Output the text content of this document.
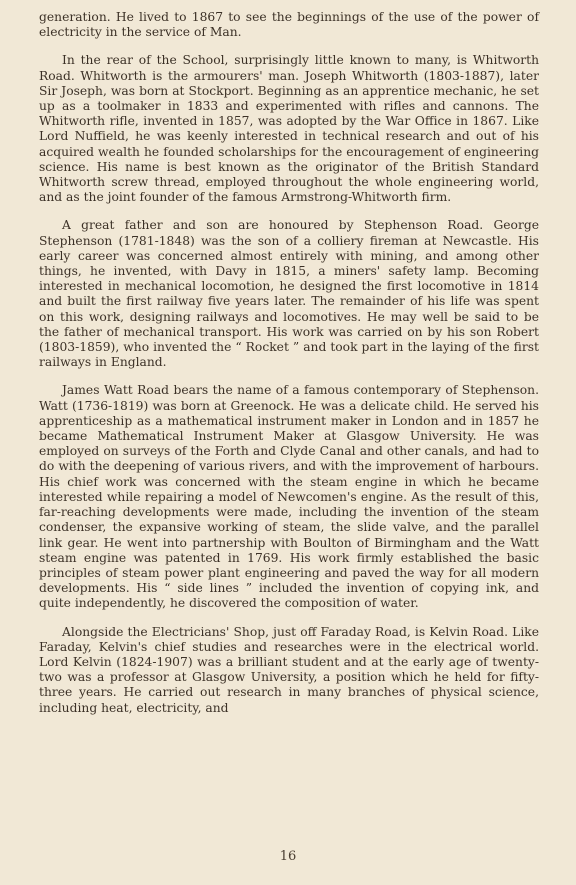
generation. He lived to 1867 to see the beginnings of the use of the power of electricity in the service of Man.

In the rear of the School, surprisingly little known to many, is Whitworth Road. Whitworth is the armourers' man. Joseph Whitworth (1803-1887), later Sir Joseph, was born at Stockport. Beginning as an apprentice mechanic, he set up as a toolmaker in 1833 and experimented with rifles and cannons. The Whitworth rifle, invented in 1857, was adopted by the War Office in 1867. Like Lord Nuffield, he was keenly interested in technical research and out of his acquired wealth he founded scholarships for the encouragement of engineering science. His name is best known as the originator of the British Standard Whitworth screw thread, employed throughout the whole engineering world, and as the joint founder of the famous Armstrong-Whitworth firm.

A great father and son are honoured by Stephenson Road. George Stephenson (1781-1848) was the son of a colliery fireman at Newcastle. His early career was concerned almost entirely with mining, and among other things, he invented, with Davy in 1815, a miners' safety lamp. Becoming interested in mechanical locomotion, he designed the first locomotive in 1814 and built the first railway five years later. The remainder of his life was spent on this work, designing railways and locomotives. He may well be said to be the father of mechanical transport. His work was carried on by his son Robert (1803-1859), who invented the “ Rocket ” and took part in the laying of the first railways in England.

James Watt Road bears the name of a famous contemporary of Stephenson. Watt (1736-1819) was born at Greenock. He was a delicate child. He served his apprenticeship as a mathematical instrument maker in London and in 1857 he became Mathematical Instrument Maker at Glasgow University. He was employed on surveys of the Forth and Clyde Canal and other canals, and had to do with the deepening of various rivers, and with the improvement of harbours. His chief work was concerned with the steam engine in which he became interested while repairing a model of Newcomen's engine. As the result of this, far-reaching developments were made, including the invention of the steam condenser, the expansive working of steam, the slide valve, and the parallel link gear. He went into partnership with Boulton of Birmingham and the Watt steam engine was patented in 1769. His work firmly established the basic principles of steam power plant engineering and paved the way for all modern developments. His “ side lines ” included the invention of copying ink, and quite independently, he discovered the composition of water.

Alongside the Electricians' Shop, just off Faraday Road, is Kelvin Road. Like Faraday, Kelvin's chief studies and researches were in the electrical world. Lord Kelvin (1824-1907) was a brilliant student and at the early age of twenty-two was a professor at Glasgow University, a position which he held for fifty-three years. He carried out research in many branches of physical science, including heat, electricity, and

16
